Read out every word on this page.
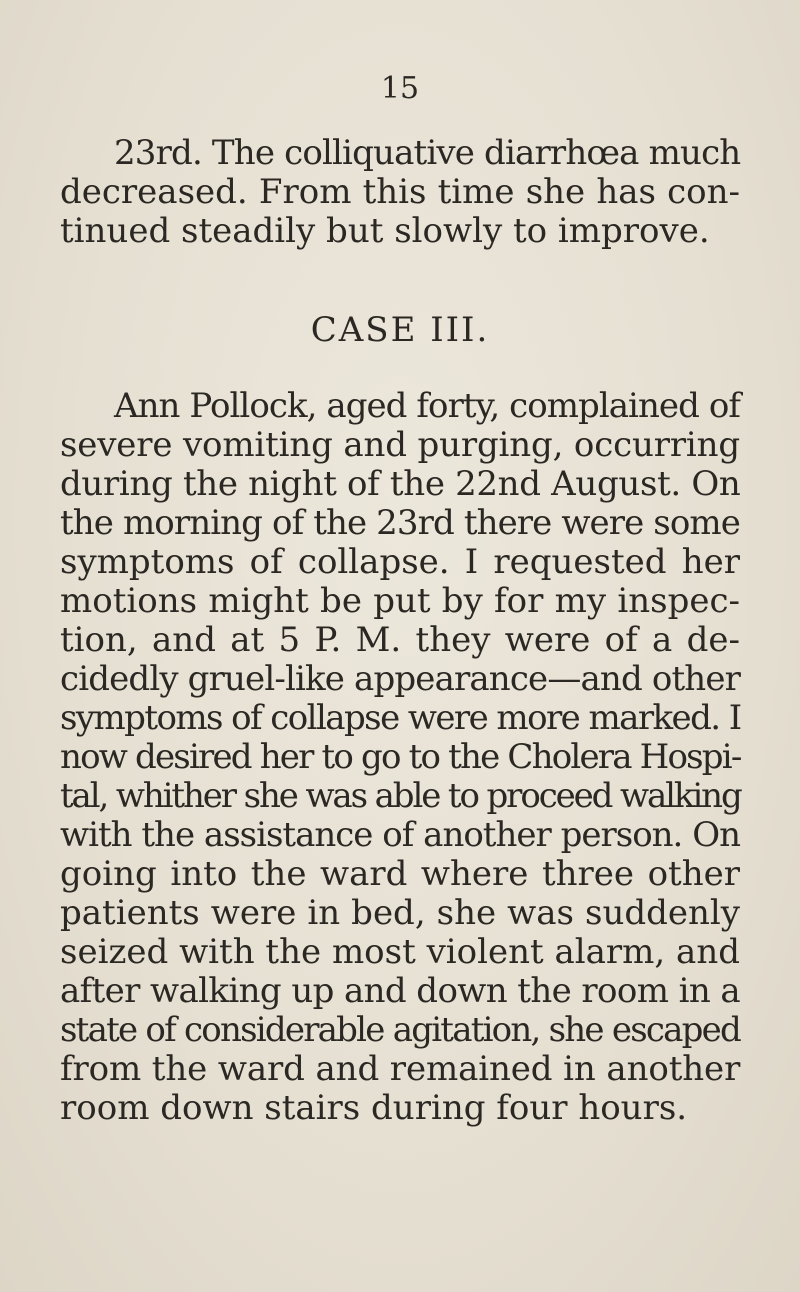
15

23rd. The colliquative diarrhœa much
decreased. From this time she has con-
tinued steadily but slowly to improve.

CASE III.

Ann Pollock, aged forty, complained of
severe vomiting and purging, occurring
during the night of the 22nd August. On
the morning of the 23rd there were some
symptoms of collapse. I requested her
motions might be put by for my inspec-
tion, and at 5 P. M. they were of a de-
cidedly gruel-like appearance—and other
symptoms of collapse were more marked. I
now desired her to go to the Cholera Hospi-
tal, whither she was able to proceed walking
with the assistance of another person. On
going into the ward where three other
patients were in bed, she was suddenly
seized with the most violent alarm, and
after walking up and down the room in a
state of considerable agitation, she escaped
from the ward and remained in another
room down stairs during four hours.
